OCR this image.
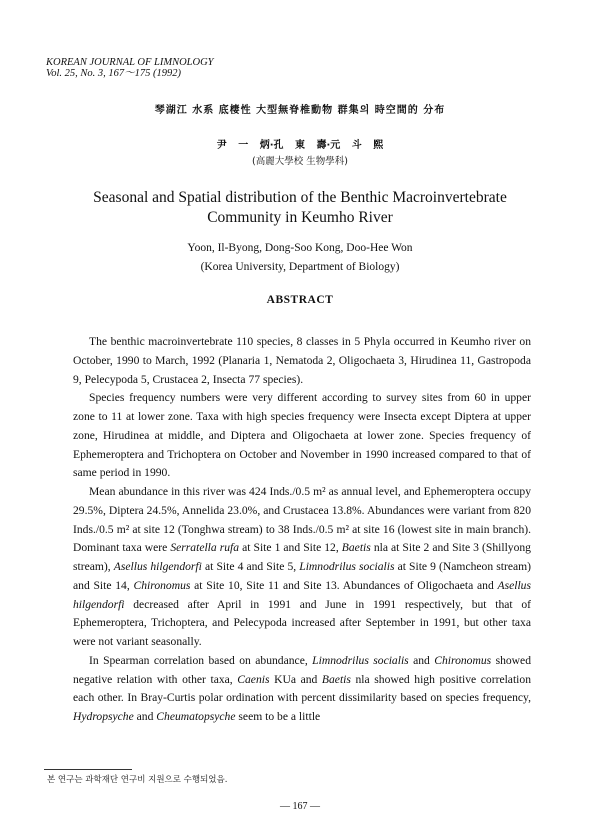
KOREAN JOURNAL OF LIMNOLOGY
Vol. 25, No. 3, 167～175 (1992)
琴湖江 水系 底棲性 大型無脊椎動物 群集의 時空間的 分布
尹 一 炳·孔 東 壽·元 斗 熙
(高麗大學校 生物學科)
Seasonal and Spatial distribution of the Benthic Macroinvertebrate
Community in Keumho River
Yoon, Il-Byong, Dong-Soo Kong, Doo-Hee Won
(Korea University, Department of Biology)
ABSTRACT

The benthic macroinvertebrate 110 species, 8 classes in 5 Phyla occurred in Keumho river on October, 1990 to March, 1992 (Planaria 1, Nematoda 2, Oligochaeta 3, Hirudinea 11, Gastropoda 9, Pelecypoda 5, Crustacea 2, Insecta 77 species).

Species frequency numbers were very different according to survey sites from 60 in upper zone to 11 at lower zone. Taxa with high species frequency were Insecta except Diptera at upper zone, Hirudinea at middle, and Diptera and Oligochaeta at lower zone. Species frequency of Ephemeroptera and Trichoptera on October and November in 1990 increased compared to that of same period in 1990.

Mean abundance in this river was 424 Inds./0.5 m² as annual level, and Ephemeroptera occupy 29.5%, Diptera 24.5%, Annelida 23.0%, and Crustacea 13.8%. Abundances were variant from 820 Inds./0.5 m² at site 12 (Tonghwa stream) to 38 Inds./0.5 m² at site 16 (lowest site in main branch). Dominant taxa were Serratella rufa at Site 1 and Site 12, Baetis nla at Site 2 and Site 3 (Shillyong stream), Asellus hilgendorfi at Site 4 and Site 5, Limnodrilus socialis at Site 9 (Namcheon stream) and Site 14, Chironomus at Site 10, Site 11 and Site 13. Abundances of Oligochaeta and Asellus hilgendorfi decreased after April in 1991 and June in 1991 respectively, but that of Ephemeroptera, Trichoptera, and Pelecypoda increased after September in 1991, but other taxa were not variant seasonally.

In Spearman correlation based on abundance, Limnodrilus socialis and Chironomus showed negative relation with other taxa, Caenis KUa and Baetis nla showed high positive correlation each other. In Bray-Curtis polar ordination with percent dissimilarity based on species frequency, Hydropsyche and Cheumatopsyche seem to be a little

본 연구는 과학재단 연구비 지원으로 수행되었음.
— 167 —
